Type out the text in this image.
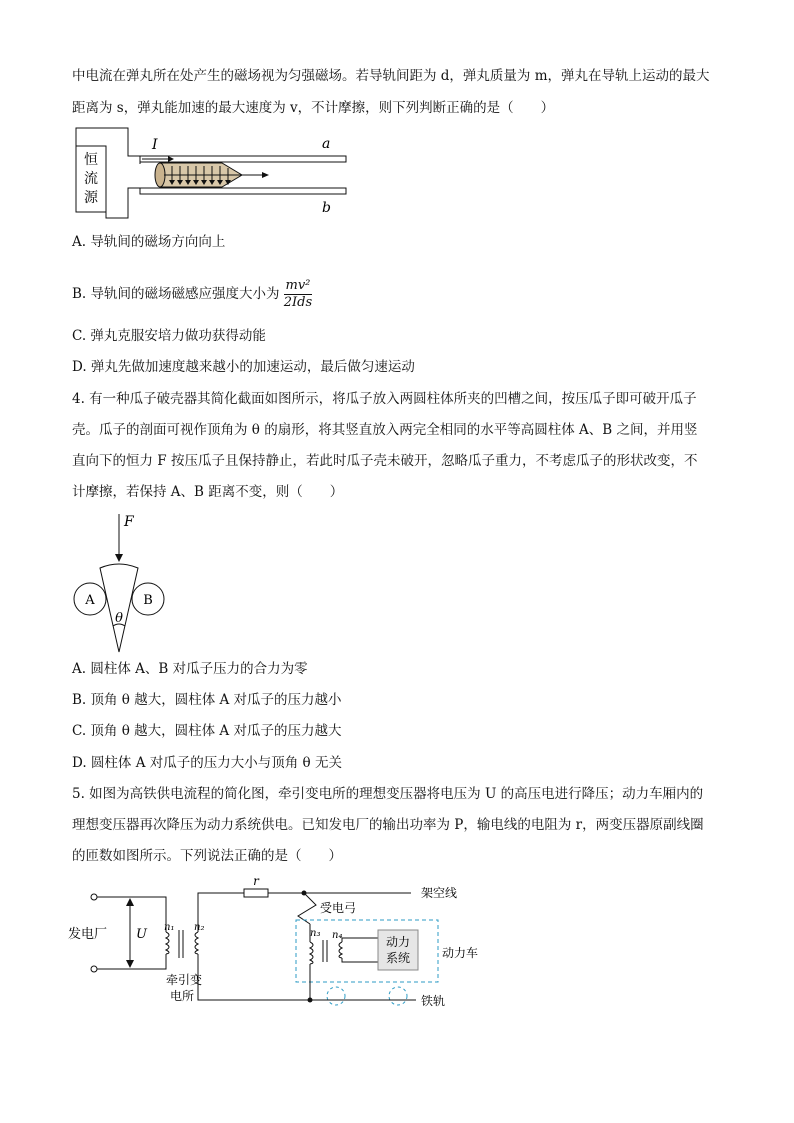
中电流在弹丸所在处产生的磁场视为匀强磁场。若导轨间距为 d，弹丸质量为 m，弹丸在导轨上运动的最大
距离为 s，弹丸能加速的最大速度为 v，不计摩擦，则下列判断正确的是（　　）
恒
流
源
I	a
b
A. 导轨间的磁场方向向上
B. 导轨间的磁场磁感应强度大小为 $\frac{\text{mv²}}{\text{2Ids}}$
C. 弹丸克服安培力做功获得动能
D. 弹丸先做加速度越来越小的加速运动，最后做匀速运动
4. 有一种瓜子破壳器其简化截面如图所示，将瓜子放入两圆柱体所夹的凹槽之间，按压瓜子即可破开瓜子
壳。瓜子的剖面可视作顶角为 θ 的扇形，将其竖直放入两完全相同的水平等高圆柱体 A、B 之间，并用竖
直向下的恒力 F 按压瓜子且保持静止，若此时瓜子壳未破开，忽略瓜子重力，不考虑瓜子的形状改变，不
计摩擦，若保持 A、B 距离不变，则（　　）
F
A	B
θ
A. 圆柱体 A、B 对瓜子压力的合力为零
B. 顶角 θ 越大，圆柱体 A 对瓜子的压力越小
C. 顶角 θ 越大，圆柱体 A 对瓜子的压力越大
D. 圆柱体 A 对瓜子的压力大小与顶角 θ 无关
5. 如图为高铁供电流程的简化图，牵引变电所的理想变压器将电压为 U 的高压电进行降压；动力车厢内的
理想变压器再次降压为动力系统供电。已知发电厂的输出功率为 P，输电线的电阻为 r，两变压器原副线圈
的匝数如图所示。下列说法正确的是（　　）
动力
系统
r
架空线
受电弓
发电厂 U n₁ n₂
n₃ n₄
动力车
牵引变
电所	铁轨
